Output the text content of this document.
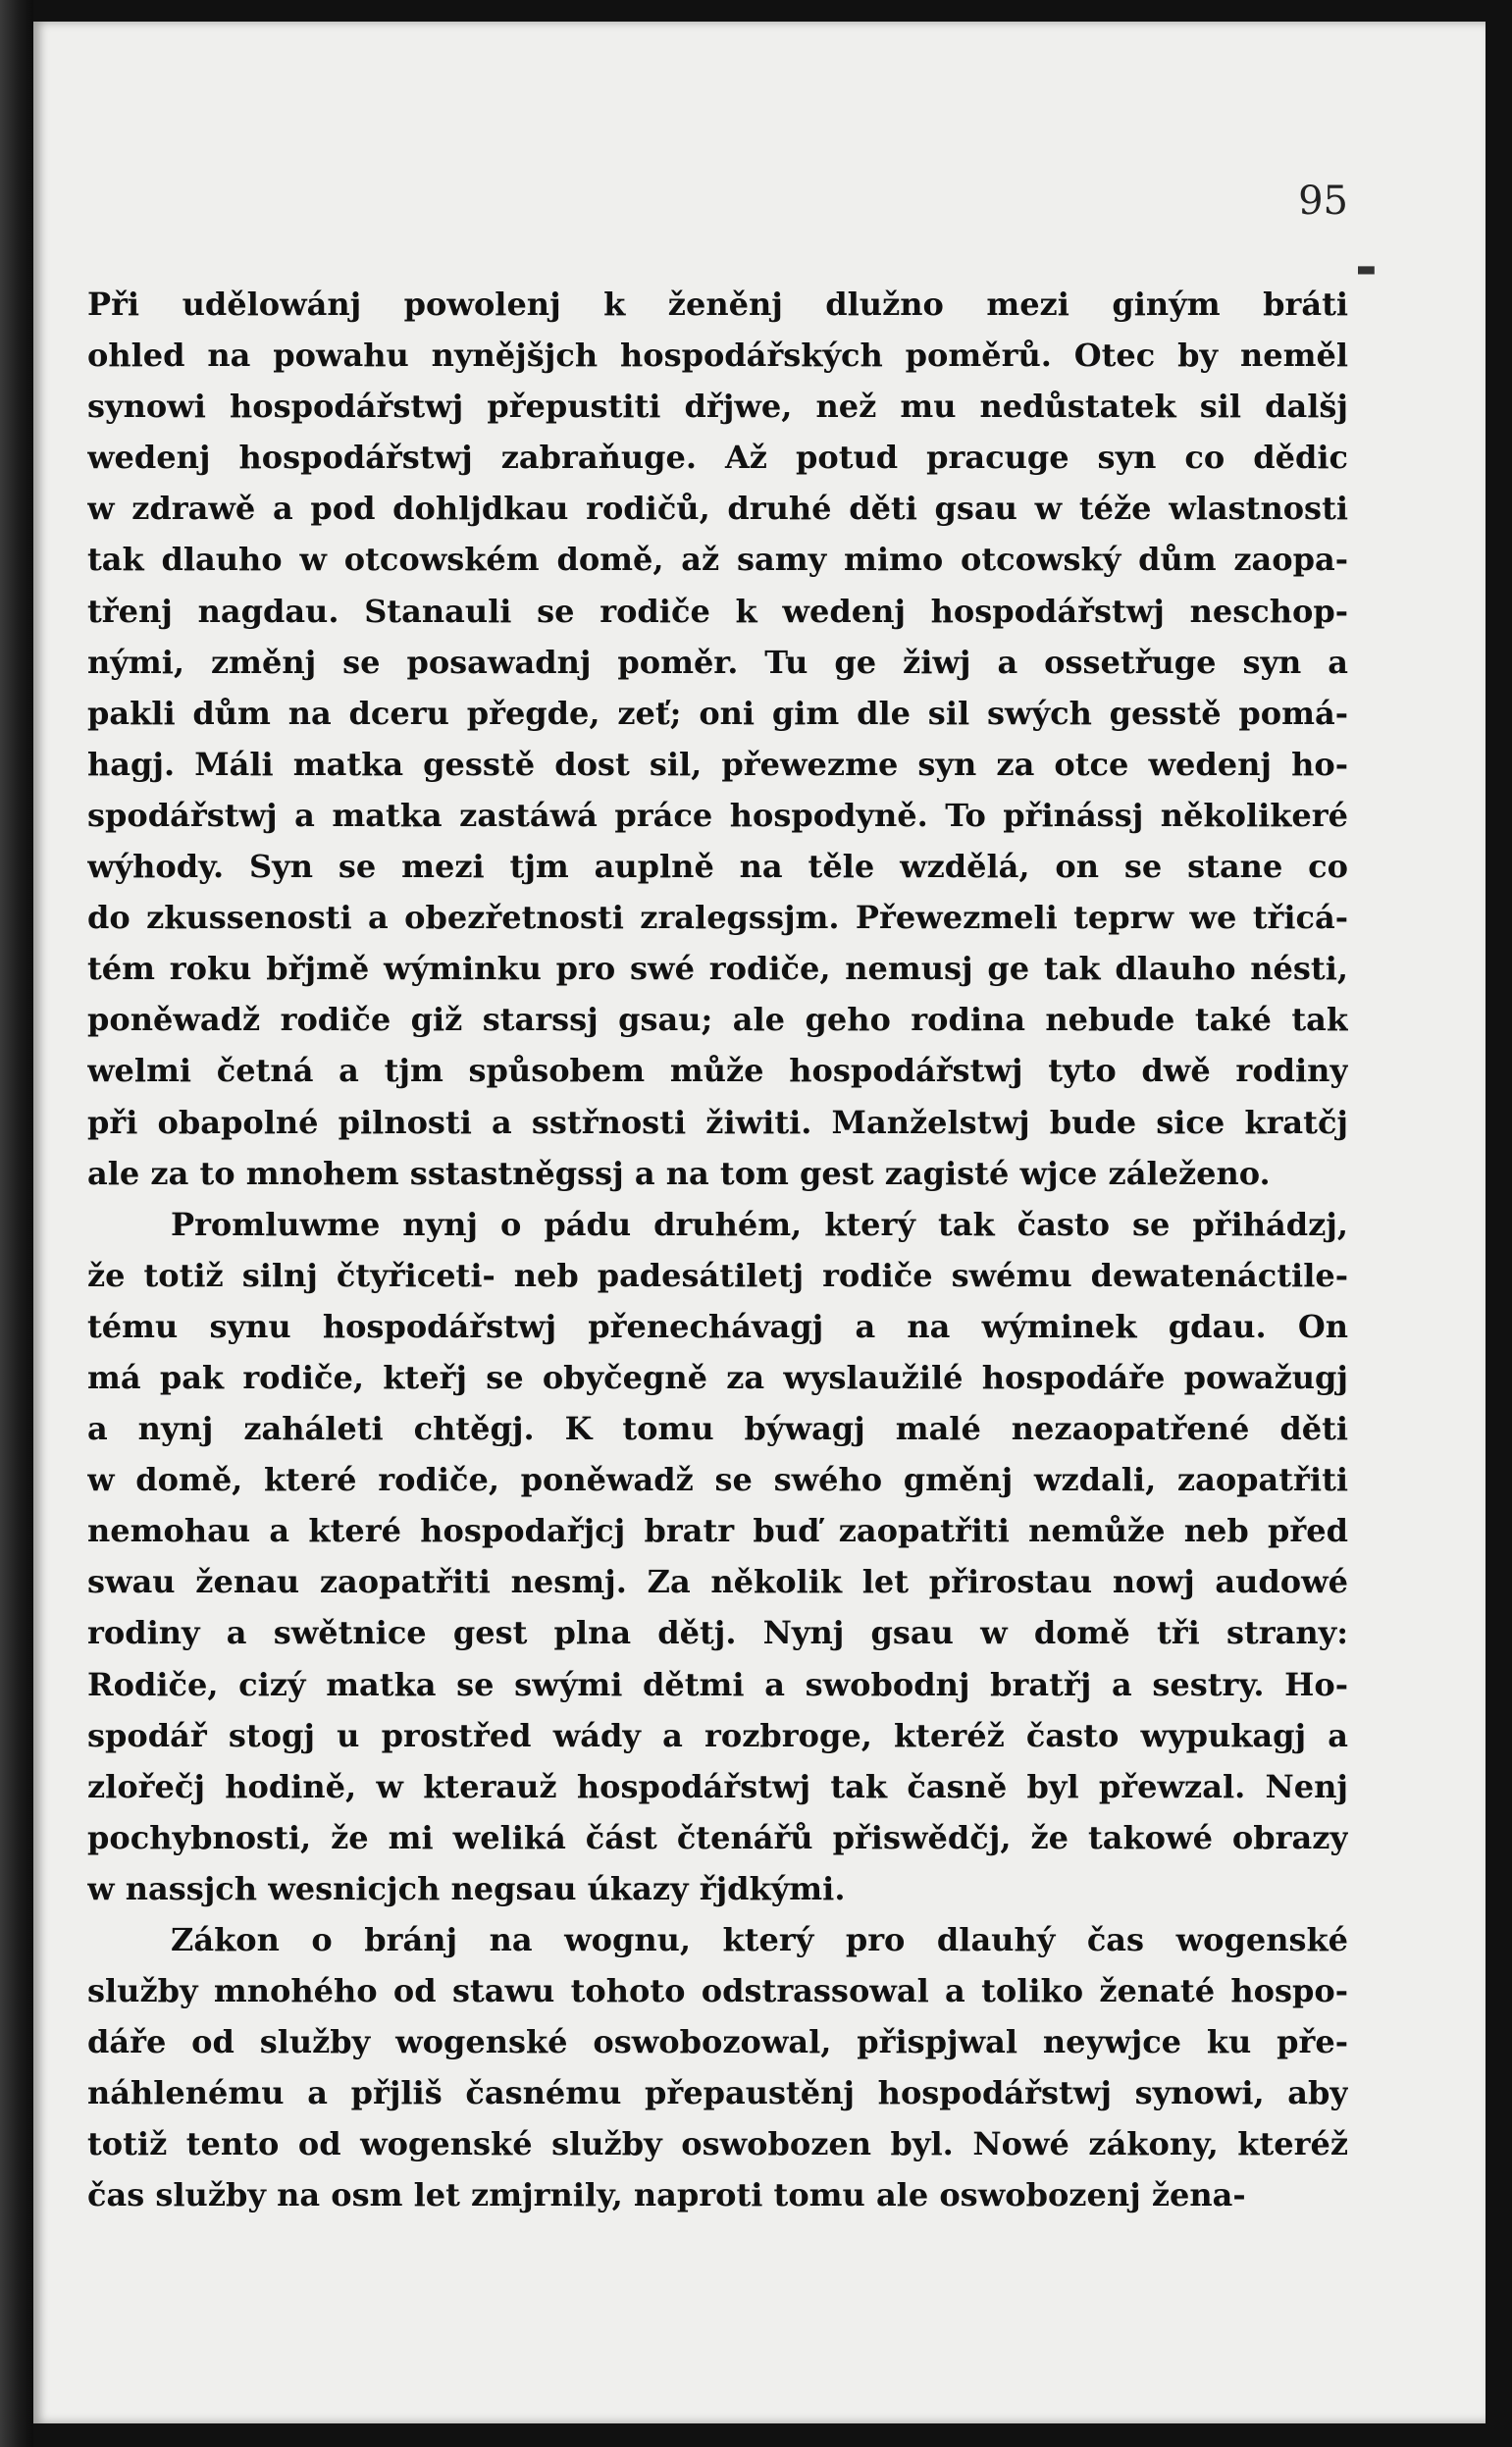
95
▬
Při udělowánj powolenj k ženěnj dlužno mezi giným bráti
ohled na powahu nynějšjch hospodářských poměrů. Otec by neměl
synowi hospodářstwj přepustiti dřjwe, než mu nedůstatek sil dalšj
wedenj hospodářstwj zabraňuge. Až potud pracuge syn co dědic
w zdrawě a pod dohljdkau rodičů, druhé děti gsau w téže wlastnosti
tak dlauho w otcowském domě, až samy mimo otcowský dům zaopa-
třenj nagdau. Stanauli se rodiče k wedenj hospodářstwj neschop-
nými, změnj se posawadnj poměr. Tu ge žiwj a ossetřuge syn a
pakli dům na dceru přegde, zeť; oni gim dle sil swých gesstě pomá-
hagj. Máli matka gesstě dost sil, přewezme syn za otce wedenj ho-
spodářstwj a matka zastáwá práce hospodyně. To přinássj několikeré
wýhody. Syn se mezi tjm auplně na těle wzdělá, on se stane co
do zkussenosti a obezřetnosti zralegssjm. Přewezmeli teprw we třicá-
tém roku břjmě wýminku pro swé rodiče, nemusj ge tak dlauho nésti,
poněwadž rodiče giž starssj gsau; ale geho rodina nebude také tak
welmi četná a tjm spůsobem může hospodářstwj tyto dwě rodiny
při obapolné pilnosti a sstřnosti žiwiti. Manželstwj bude sice kratčj
ale za to mnohem sstastněgssj a na tom gest zagisté wjce záleženo.
Promluwme nynj o pádu druhém, který tak často se přihádzj,
že totiž silnj čtyřiceti- neb padesátiletj rodiče swému dewatenáctile-
tému synu hospodářstwj přenechávagj a na wýminek gdau. On
má pak rodiče, kteřj se obyčegně za wyslaužilé hospodáře powažugj
a nynj zaháleti chtěgj. K tomu býwagj malé nezaopatřené děti
w domě, které rodiče, poněwadž se swého gměnj wzdali, zaopatřiti
nemohau a které hospodařjcj bratr buď zaopatřiti nemůže neb před
swau ženau zaopatřiti nesmj. Za několik let přirostau nowj audowé
rodiny a swětnice gest plna dětj. Nynj gsau w domě tři strany:
Rodiče, cizý matka se swými dětmi a swobodnj bratřj a sestry. Ho-
spodář stogj u prostřed wády a rozbroge, kteréž často wypukagj a
zlořečj hodině, w kterauž hospodářstwj tak časně byl přewzal. Nenj
pochybnosti, že mi weliká část čtenářů přiswědčj, že takowé obrazy
w nassjch wesnicjch negsau úkazy řjdkými.
Zákon o bránj na wognu, který pro dlauhý čas wogenské
služby mnohého od stawu tohoto odstrassowal a toliko ženaté hospo-
dáře od služby wogenské oswobozowal, přispjwal neywjce ku pře-
náhlenému a přjliš časnému přepaustěnj hospodářstwj synowi, aby
totiž tento od wogenské služby oswobozen byl. Nowé zákony, kteréž
čas služby na osm let zmjrnily, naproti tomu ale oswobozenj žena-
